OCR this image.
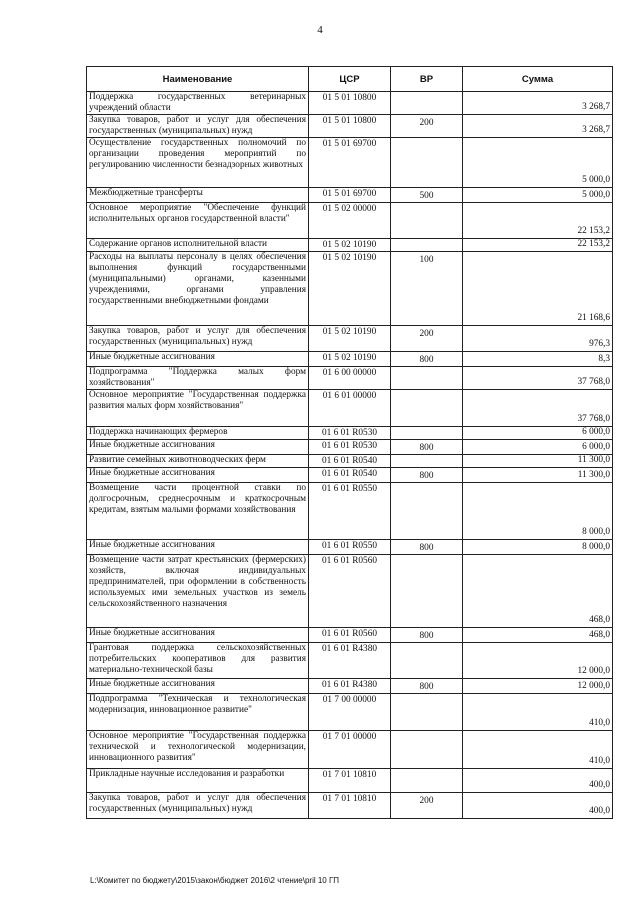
4
Наименование	ЦСР	ВР	Сумма
Поддержка государственных ветеринарных учреждений области	01 5 01 10800		3 268,7
Закупка товаров, работ и услуг для обеспечения государственных (муниципальных) нужд	01 5 01 10800	200	3 268,7
Осуществление государственных полномочий по организации проведения мероприятий по регулированию численности безнадзорных животных	01 5 01 69700		5 000,0
Межбюджетные трансферты	01 5 01 69700	500	5 000,0
Основное мероприятие "Обеспечение функций исполнительных органов государственной власти"	01 5 02 00000		22 153,2
Содержание органов исполнительной власти	01 5 02 10190		22 153,2
Расходы на выплаты персоналу в целях обеспечения выполнения функций государственными (муниципальными) органами, казенными учреждениями, органами управления государственными внебюджетными фондами	01 5 02 10190	100	21 168,6
Закупка товаров, работ и услуг для обеспечения государственных (муниципальных) нужд	01 5 02 10190	200	976,3
Иные бюджетные ассигнования	01 5 02 10190	800	8,3
Подпрограмма "Поддержка малых форм хозяйствования"	01 6 00 00000		37 768,0
Основное мероприятие "Государственная поддержка развития малых форм хозяйствования"	01 6 01 00000		37 768,0
Поддержка начинающих фермеров	01 6 01 R0530		6 000,0
Иные бюджетные ассигнования	01 6 01 R0530	800	6 000,0
Развитие семейных животноводческих ферм	01 6 01 R0540		11 300,0
Иные бюджетные ассигнования	01 6 01 R0540	800	11 300,0
Возмещение части процентной ставки по долгосрочным, среднесрочным и краткосрочным кредитам, взятым малыми формами хозяйствования	01 6 01 R0550		8 000,0
Иные бюджетные ассигнования	01 6 01 R0550	800	8 000,0
Возмещение части затрат крестьянских (фермерских) хозяйств, включая индивидуальных предпринимателей, при оформлении в собственность используемых ими земельных участков из земель сельскохозяйственного назначения	01 6 01 R0560		468,0
Иные бюджетные ассигнования	01 6 01 R0560	800	468,0
Грантовая поддержка сельскохозяйственных потребительских кооперативов для развития материально-технической базы	01 6 01 R4380		12 000,0
Иные бюджетные ассигнования	01 6 01 R4380	800	12 000,0
Подпрограмма "Техническая и технологическая модернизация, инновационное развитие"	01 7 00 00000		410,0
Основное мероприятие "Государственная поддержка технической и технологической модернизации, инновационного развития"	01 7 01 00000		410,0
Прикладные научные исследования и разработки	01 7 01 10810		400,0
Закупка товаров, работ и услуг для обеспечения государственных (муниципальных) нужд	01 7 01 10810	200	400,0
L:\Комитет по бюджету\2015\закон\бюджет 2016\2 чтение\pril 10 ГП
